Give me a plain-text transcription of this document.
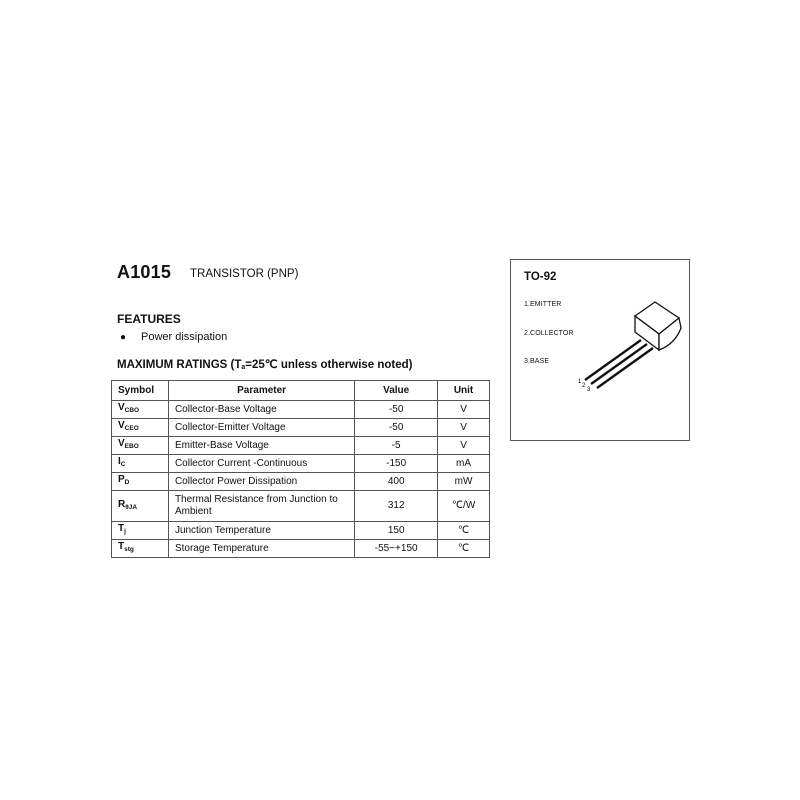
A1015 TRANSISTOR (PNP)
FEATURES
● Power dissipation
MAXIMUM RATINGS ($T_a=25℃$ unless otherwise noted)
Symbol	Parameter	Value	Unit
$V_{CBO}$	Collector-Base Voltage	-50	V
$V_{CEO}$	Collector-Emitter Voltage	-50	V
$V_{EBO}$	Emitter-Base Voltage	-5	V
$I_C$	Collector Current -Continuous	-150	mA
$P_D$	Collector Power Dissipation	400	mW
$R_{\theta JA}$	Thermal Resistance from Junction to Ambient	312	℃/W
$T_j$	Junction Temperature	150	℃
$T_{stg}$	Storage Temperature	-55~+150	℃
TO-92
1.EMITTER
2.COLLECTOR
3.BASE
1
2
3
